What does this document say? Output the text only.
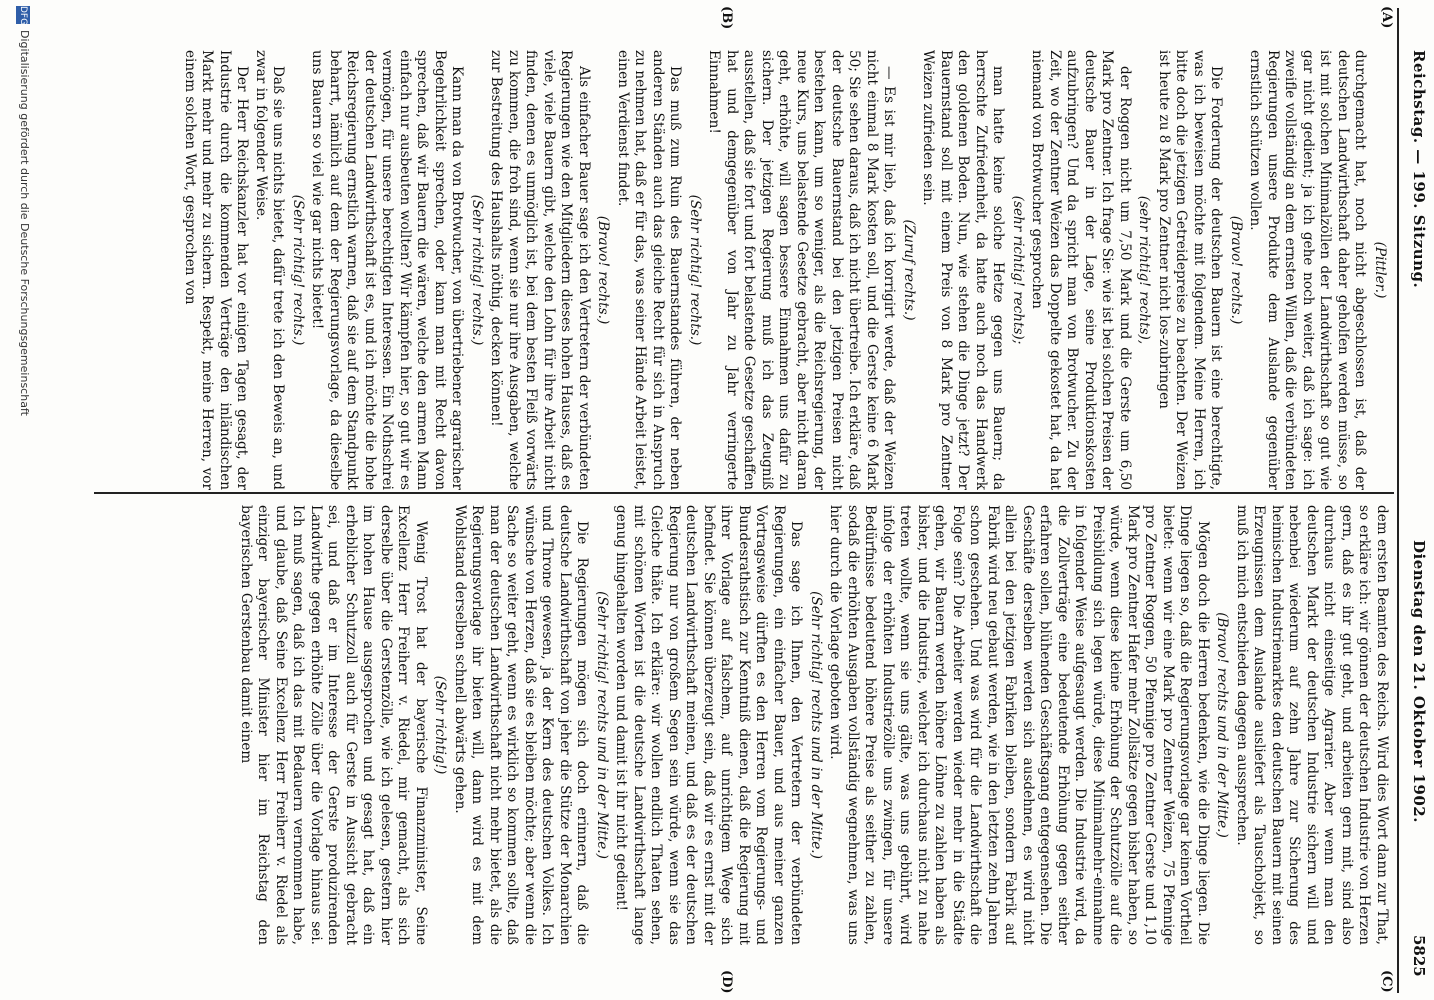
Reichstag. — 199. Sitzung.
Dienstag den 21. Oktober 1902.
5825
(A)
(B)
(C)
(D)

(Pittler.)

durchgemacht hat, noch nicht abgeschlossen ist, daß der deutschen Landwirthschaft daher geholfen werden müsse, so ist mit solchen Minimalzöllen der Landwirthschaft so gut wie gar nicht gedient; ja ich gehe noch weiter, daß ich sage: ich zweifle vollständig an dem ernsten Willen, daß die verbündeten Regierungen unsere Produkte dem Auslande gegenüber ernstlich schützen wollen.

(Bravo! rechts.)

Die Forderung der deutschen Bauern ist eine berechtigte, was ich beweisen möchte mit folgendem. Meine Herren, ich bitte doch die jetzigen Getreidepreise zu beachten. Der Weizen ist heute zu 8 Mark pro Zentner nicht los-zubringen

(sehr richtig! rechts),

der Roggen nicht um 7,50 Mark und die Gerste um 6,50 Mark pro Zentner. Ich frage Sie: wie ist bei solchen Preisen der deutsche Bauer in der Lage, seine Produktionskosten aufzubringen? Und da spricht man von Brotwucher. Zu der Zeit, wo der Zentner Weizen das Doppelte gekostet hat, da hat niemand von Brotwucher gesprochen

(sehr richtig! rechts);

man hatte keine solche Hetze gegen uns Bauern; da herrschte Zufriedenheit, da hatte auch noch das Handwerk den goldenen Boden. Nun, wie stehen die Dinge jetzt? Der Bauernstand soll mit einem Preis von 8 Mark pro Zentner Weizen zufrieden sein.

(Zuruf rechts.)

— Es ist mir lieb, daß ich korrigirt werde, daß der Weizen nicht einmal 8 Mark kosten soll, und die Gerste keine 6 Mark 50; Sie sehen daraus, daß ich nicht übertreibe. Ich erkläre, daß der deutsche Bauernstand bei den jetzigen Preisen nicht bestehen kann, um so weniger, als die Reichsregierung, der neue Kurs, uns belastende Gesetze gebracht, aber nicht daran geht, erhöhte, will sagen bessere Einnahmen uns dafür zu sichern. Der jetzigen Regierung muß ich das Zeugniß ausstellen, daß sie fort und fort belastende Gesetze geschaffen hat und demgegenüber von Jahr zu Jahr verringerte Einnahmen!

(Sehr richtig! rechts.)

Das muß zum Ruin des Bauernstandes führen, der neben anderen Ständen auch das gleiche Recht für sich in Anspruch zu nehmen hat, daß er für das, was seiner Hände Arbeit leistet, einen Verdienst findet.

(Bravo! rechts.)

Als einfacher Bauer sage ich den Vertretern der verbündeten Regierungen wie den Mitgliedern dieses hohen Hauses, daß es viele, viele Bauern gibt, welche den Lohn für ihre Arbeit nicht finden, denen es unmöglich ist, bei dem besten Fleiß vorwärts zu kommen, die froh sind, wenn sie nur ihre Ausgaben, welche zur Bestreitung des Haushalts nöthig, decken können!

(Sehr richtig! rechts.)

Kann man da von Brotwucher, von übertriebener agrarischer Begehrlichkeit sprechen, oder kann man mit Recht davon sprechen, daß wir Bauern die wären, welche den armen Mann einfach nur ausbeuten wollten? Wir kämpfen hier, so gut wir es vermögen, für unsere berechtigten Interessen. Ein Nothschrei der deutschen Landwirthschaft ist es, und ich möchte die hohe Reichsregierung ernstlich warnen, daß sie auf dem Standpunkt beharrt, nämlich auf dem der Regierungsvorlage, da dieselbe uns Bauern so viel wie gar nichts bietet!

(Sehr richtig! rechts.)

Daß sie uns nichts bietet, dafür trete ich den Beweis an, und zwar in folgender Weise.

Der Herr Reichskanzler hat vor einigen Tagen gesagt, der Industrie durch die kommenden Verträge den inländischen Markt mehr und mehr zu sichern. Respekt, meine Herren, vor einem solchen Wort, gesprochen von

dem ersten Beamten des Reichs. Wird dies Wort dann zur That, so erkläre ich: wir gönnen der deutschen Industrie von Herzen gern, daß es ihr gut geht, und arbeiten gern mit, sind also durchaus nicht einseitige Agrarier. Aber wenn man den deutschen Markt der deutschen Industrie sichern will und nebenbei wiederum auf zehn Jahre zur Sicherung des heimischen Industriemarktes den deutschen Bauern mit seinen Erzeugnissen dem Auslande ausliefert als Tauschobjekt, so muß ich mich entschieden dagegen aussprechen.

(Bravo! rechts und in der Mitte.)

Mögen doch die Herren bedenken, wie die Dinge liegen. Die Dinge liegen so, daß die Regierungsvorlage gar keinen Vortheil bietet: wenn wir eine Mark pro Zentner Weizen, 75 Pfennige pro Zentner Roggen, 50 Pfennige pro Zentner Gerste und 1,10 Mark pro Zentner Hafer mehr Zollsätze gegen bisher haben, so würde, wenn diese kleine Erhöhung der Schutzzölle auf die Preisbildung sich legen würde, diese Minimalmehr-einnahme in folgender Weise aufgesaugt werden. Die Industrie wird, da die Zollverträge eine bedeutende Erhöhung gegen seither erfahren sollen, blühenden Geschäftsgang entgegensehen. Die Geschäfte derselben werden sich ausdehnen, es wird nicht allein bei den jetzigen Fabriken bleiben, sondern Fabrik auf Fabrik wird neu gebaut werden, wie in den letzten zehn Jahren schon geschehen. Und was wird für die Landwirthschaft die Folge sein? Die Arbeiter werden wieder mehr in die Städte gehen, wir Bauern werden höhere Löhne zu zahlen haben als bisher, und die Industrie, welcher ich durchaus nicht zu nahe treten wollte, wenn sie uns gälte, was uns gebührt, wird infolge der erhöhten Industriezölle uns zwingen, für unsere Bedürfnisse bedeutend höhere Preise als seither zu zahlen, sodaß die erhöhten Ausgaben vollständig wegnehmen, was uns hier durch die Vorlage geboten wird.

(Sehr richtig! rechts und in der Mitte.)

Das sage ich Ihnen, den Vertretern der verbündeten Regierungen, ein einfacher Bauer, und aus meiner ganzen Vortragsweise dürften es den Herren vom Regierungs- und Bundesrathstisch zur Kenntniß dienen, daß die Regierung mit ihrer Vorlage auf falschem, auf unrichtigem Wege sich befindet. Sie können überzeugt sein, daß wir es ernst mit der deutschen Landwirthschaft meinen, und daß es der deutschen Regierung nur von großem Segen sein würde, wenn sie das Gleiche thäte. Ich erkläre: wir wollen endlich Thaten sehen, mit schönen Worten ist die deutsche Landwirthschaft lange genug hingehalten worden und damit ist ihr nicht gedient!

(Sehr richtig! rechts und in der Mitte.)

Die Regierungen mögen sich doch erinnern, daß die deutsche Landwirthschaft von jeher die Stütze der Monarchien und Throne gewesen, ja der Kern des deutschen Volkes. Ich wünsche von Herzen, daß sie es bleiben möchte; aber wenn die Sache so weiter geht, wenn es wirklich so kommen sollte, daß man der deutschen Landwirthschaft nicht mehr bietet, als die Regierungsvorlage ihr bieten will, dann wird es mit dem Wohlstand derselben schnell abwärts gehen.

(Sehr richtig!)

Wenig Trost hat der bayerische Finanzminister, Seine Excellenz Herr Freiherr v. Riedel, mir gemacht, als sich derselbe über die Gerstenzölle, wie ich gelesen, gestern hier im hohen Hause ausgesprochen und gesagt hat, daß ein erheblicher Schutzzoll auch für Gerste in Aussicht gebracht sei, und daß er im Interesse der Gerste produzirenden Landwirthe gegen erhöhte Zölle über die Vorlage hinaus sei. Ich muß sagen, daß ich das mit Bedauern vernommen habe, und glaube, daß Seine Excellenz Herr Freiherr v. Riedel als einziger bayerischer Minister hier im Reichstag den bayerischen Gerstenbau damit einem

DFG
Digitalisierung gefördert durch die Deutsche Forschungsgemeinschaft
